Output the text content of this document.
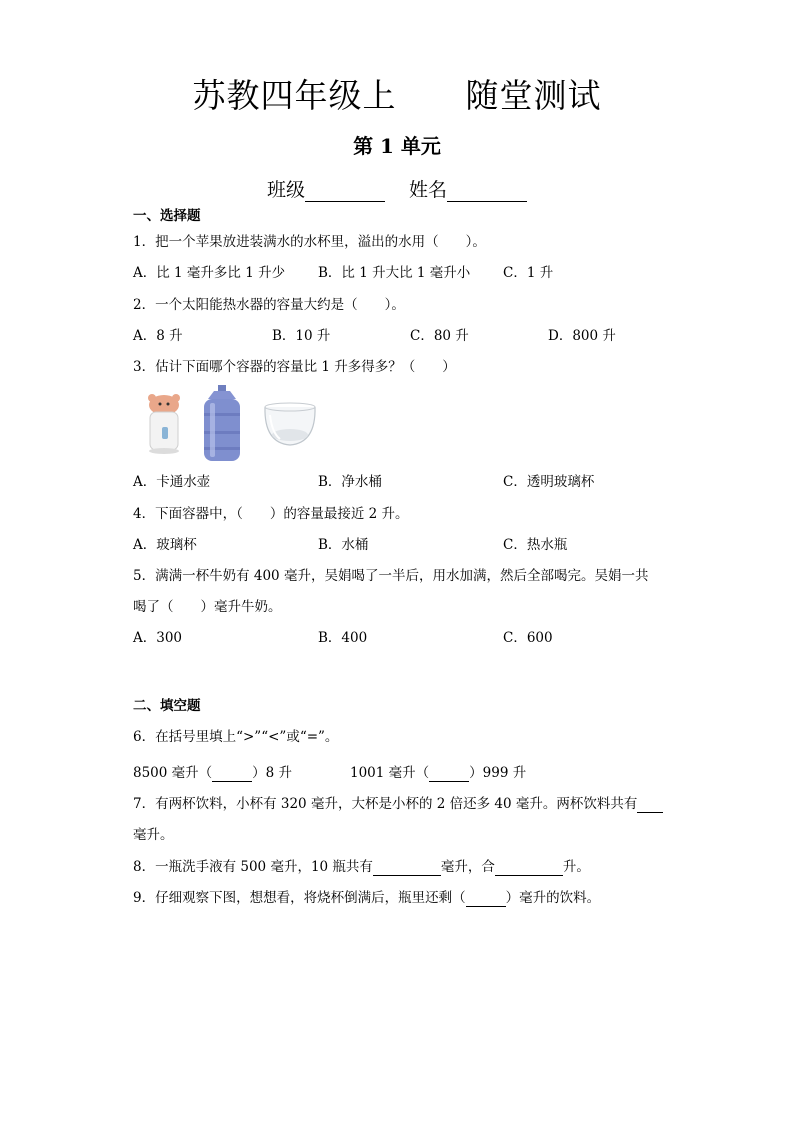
苏教四年级上      随堂测试
第 1 单元
班级	姓名
一、选择题
1．把一个苹果放进装满水的水杯里，溢出的水用（　　）。
A．比 1 毫升多比 1 升少 B．比 1 升大比 1 毫升小 C．1 升
2．一个太阳能热水器的容量大约是（　　）。
A．8 升	B．10 升	C．80 升	D．800 升
3．估计下面哪个容器的容量比 1 升多得多？（　　）
A．卡通水壶	B．净水桶	C．透明玻璃杯
4．下面容器中，（　　）的容量最接近 2 升。
A．玻璃杯	B．水桶	C．热水瓶
5．满满一杯牛奶有 400 毫升，吴娟喝了一半后，用水加满，然后全部喝完。吴娟一共
喝了（　　）毫升牛奶。
A．300	B．400	C．600
二、填空题
6．在括号里填上“>”“<”或“=”。
8500 毫升（	）8 升	1001 毫升（	）999 升
7．有两杯饮料，小杯有 320 毫升，大杯是小杯的 2 倍还多 40 毫升。两杯饮料共有
毫升。
8．一瓶洗手液有 500 毫升，10 瓶共有	毫升，合	升。
9．仔细观察下图，想想看，将烧杯倒满后，瓶里还剩（	）毫升的饮料。
